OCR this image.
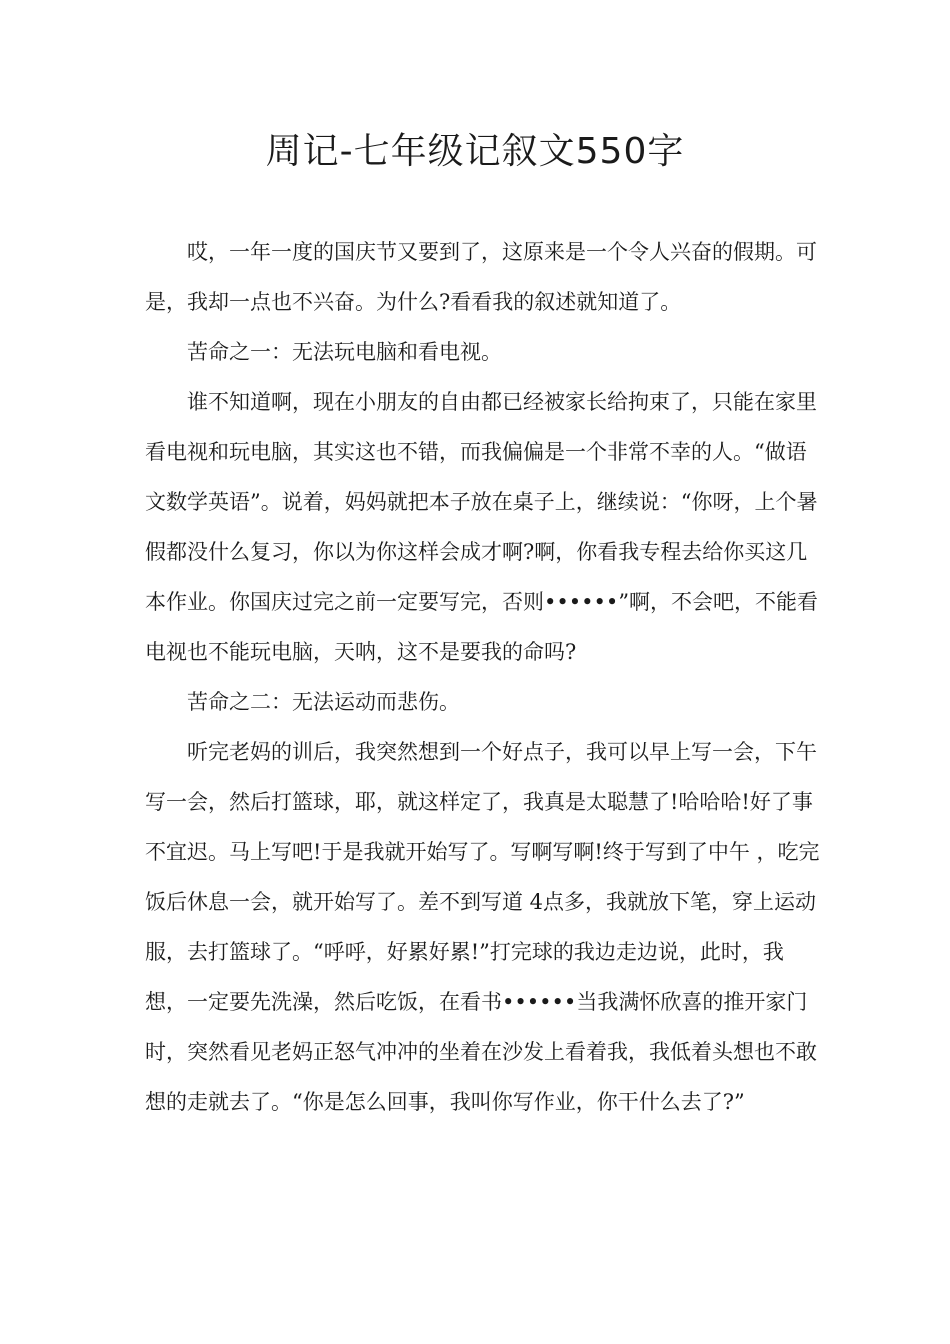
周记-七年级记叙文550字

哎，一年一度的国庆节又要到了，这原来是一个令人兴奋的假期。可是，我却一点也不兴奋。为什么?看看我的叙述就知道了。

苦命之一：无法玩电脑和看电视。

谁不知道啊，现在小朋友的自由都已经被家长给拘束了，只能在家里看电视和玩电脑，其实这也不错，而我偏偏是一个非常不幸的人。“做语文数学英语”。说着，妈妈就把本子放在桌子上，继续说：“你呀，上个暑假都没什么复习，你以为你这样会成才啊?啊，你看我专程去给你买这几本作业。你国庆过完之前一定要写完，否则••••••”啊，不会吧，不能看电视也不能玩电脑，天呐，这不是要我的命吗?

苦命之二：无法运动而悲伤。

听完老妈的训后，我突然想到一个好点子，我可以早上写一会，下午写一会，然后打篮球，耶，就这样定了，我真是太聪慧了!哈哈哈!好了事不宜迟。马上写吧!于是我就开始写了。写啊写啊!终于写到了中午 ，吃完饭后休息一会，就开始写了。差不到写道 4点多，我就放下笔，穿上运动服，去打篮球了。“呼呼，好累好累!”打完球的我边走边说，此时，我想，一定要先洗澡，然后吃饭，在看书••••••当我满怀欣喜的推开家门时，突然看见老妈正怒气冲冲的坐着在沙发上看着我，我低着头想也不敢想的走就去了。“你是怎么回事，我叫你写作业，你干什么去了?”
